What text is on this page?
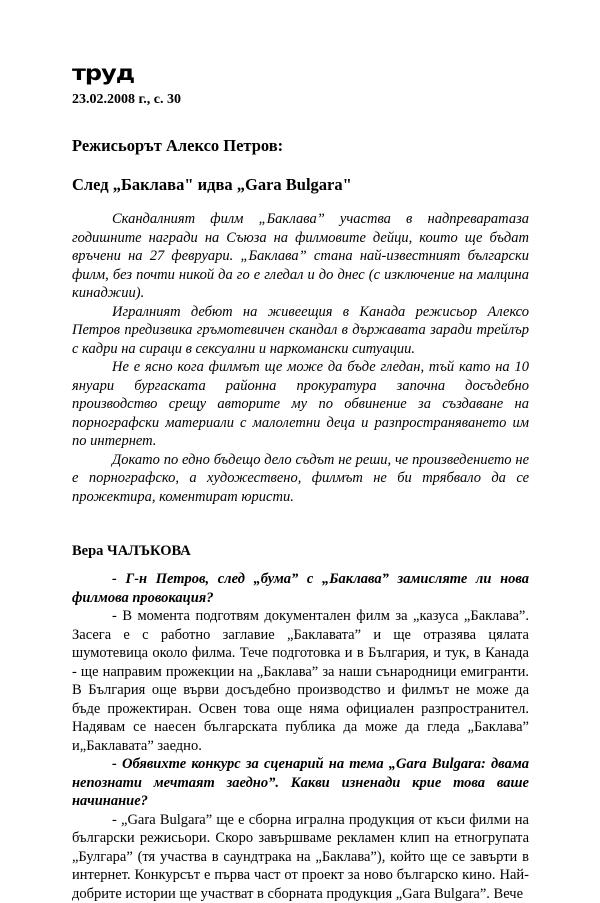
труд
23.02.2008 г., с. 30
Режисьорът Алексо Петров:
След „Баклава" идва „Gara Bulgara"

Скандалният филм „Баклава” участва в надпреваратаза годишните награди на Съюза на филмовите дейци, които ще бъдат връчени на 27 февруари. „Баклава” стана най-известният български филм, без почти никой да го е гледал и до днес (с изключение на малцина кинаджии).

Игралният дебют на живеещия в Канада режисьор Алексо Петров предизвика гръмотевичен скандал в държавата заради трейлър с кадри на сираци в сексуални и наркомански ситуации.

Не е ясно кога филмът ще може да бъде гледан, тъй като на 10 януари бургаската районна прокуратура започна досъдебно производство срещу авторите му по обвинение за създаване на порнографски материали с малолетни деца и разпространяването им по интернет.

Докато по едно бъдещо дело съдът не реши, че произведението не е порнографско, а художествено, филмът не би трябвало да се прожектира, коментират юристи.

Вера ЧАЛЪКОВА

- Г-н Петров, след „бума” с „Баклава” замисляте ли нова филмова провокация?

- В момента подготвям документален филм за „казуса „Баклава”. Засега е с работно заглавие „Баклавата” и ще отразява цялата шумотевица около филма. Тече подготовка и в България, и тук, в Канада - ще направим прожекции на „Баклава” за наши сънародници емигранти. В България още върви досъдебно производство и филмът не може да бъде прожектиран. Освен това още няма официален разпространител. Надявам се наесен българската публика да може да гледа „Баклава” и„Баклавата” заедно.

- Обявихте конкурс за сценарий на тема „Gara Bulgara: двама непознати мечтаят заедно”. Какви изненади крие това ваше начинание?

- „Gara Bulgara” ще е сборна игрална продукция от къси филми на български режисьори. Скоро завършваме рекламен клип на етногрупата „Булгара” (тя участва в саундтрака на „Баклава”), който ще се завърти в интернет. Конкурсът е първа част от проект за ново българско кино. Най-добрите истории ще участват в сборната продукция „Gara Bulgara”. Вече
